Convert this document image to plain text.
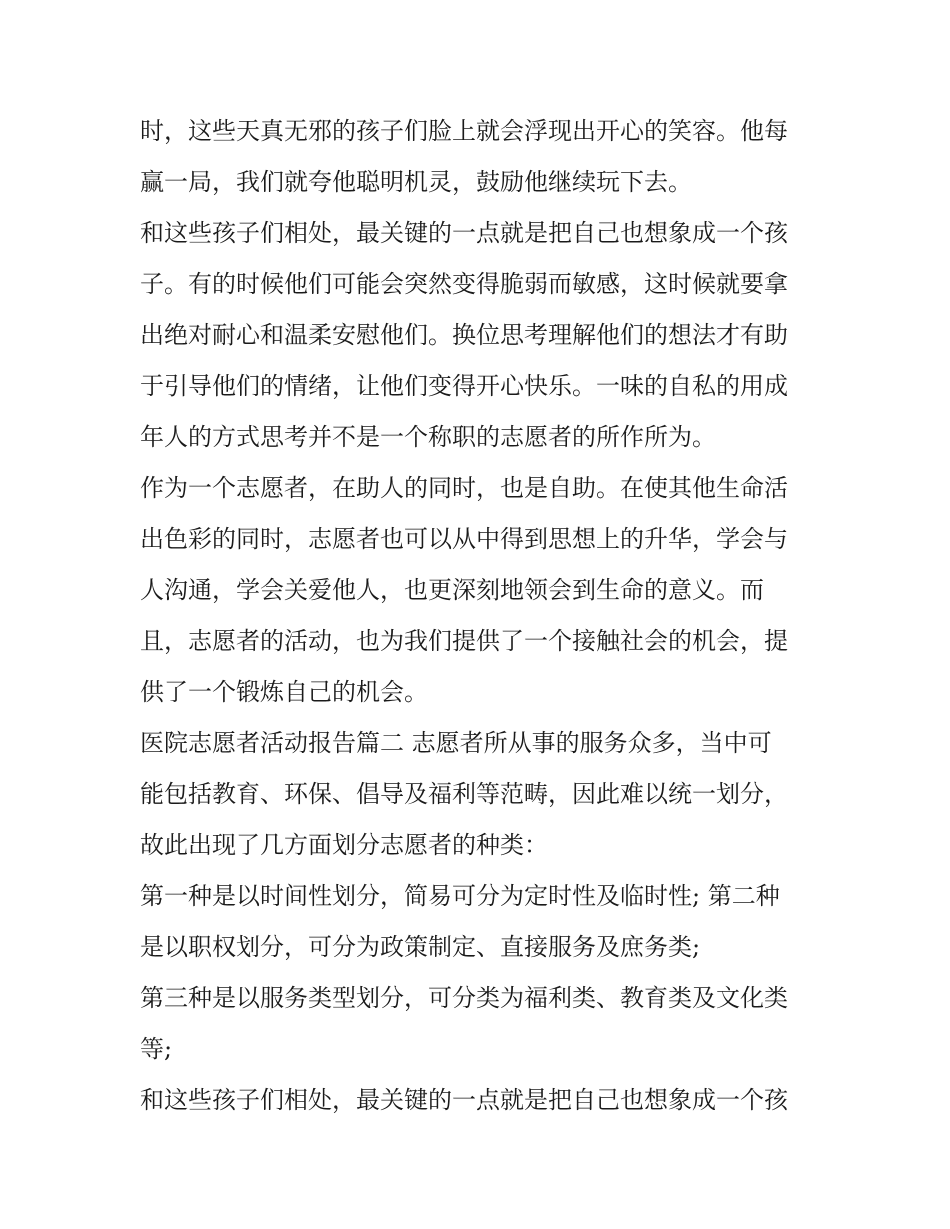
时，这些天真无邪的孩子们脸上就会浮现出开心的笑容。他每
赢一局，我们就夸他聪明机灵，鼓励他继续玩下去。
和这些孩子们相处，最关键的一点就是把自己也想象成一个孩
子。有的时候他们可能会突然变得脆弱而敏感，这时候就要拿
出绝对耐心和温柔安慰他们。换位思考理解他们的想法才有助
于引导他们的情绪，让他们变得开心快乐。一味的自私的用成
年人的方式思考并不是一个称职的志愿者的所作所为。
作为一个志愿者，在助人的同时，也是自助。在使其他生命活
出色彩的同时，志愿者也可以从中得到思想上的升华，学会与
人沟通，学会关爱他人，也更深刻地领会到生命的意义。而
且，志愿者的活动，也为我们提供了一个接触社会的机会，提
供了一个锻炼自己的机会。
医院志愿者活动报告篇二 志愿者所从事的服务众多，当中可
能包括教育、环保、倡导及福利等范畴，因此难以统一划分，
故此出现了几方面划分志愿者的种类：
第一种是以时间性划分，简易可分为定时性及临时性; 第二种
是以职权划分，可分为政策制定、直接服务及庶务类;
第三种是以服务类型划分，可分类为福利类、教育类及文化类
等;
和这些孩子们相处，最关键的一点就是把自己也想象成一个孩
